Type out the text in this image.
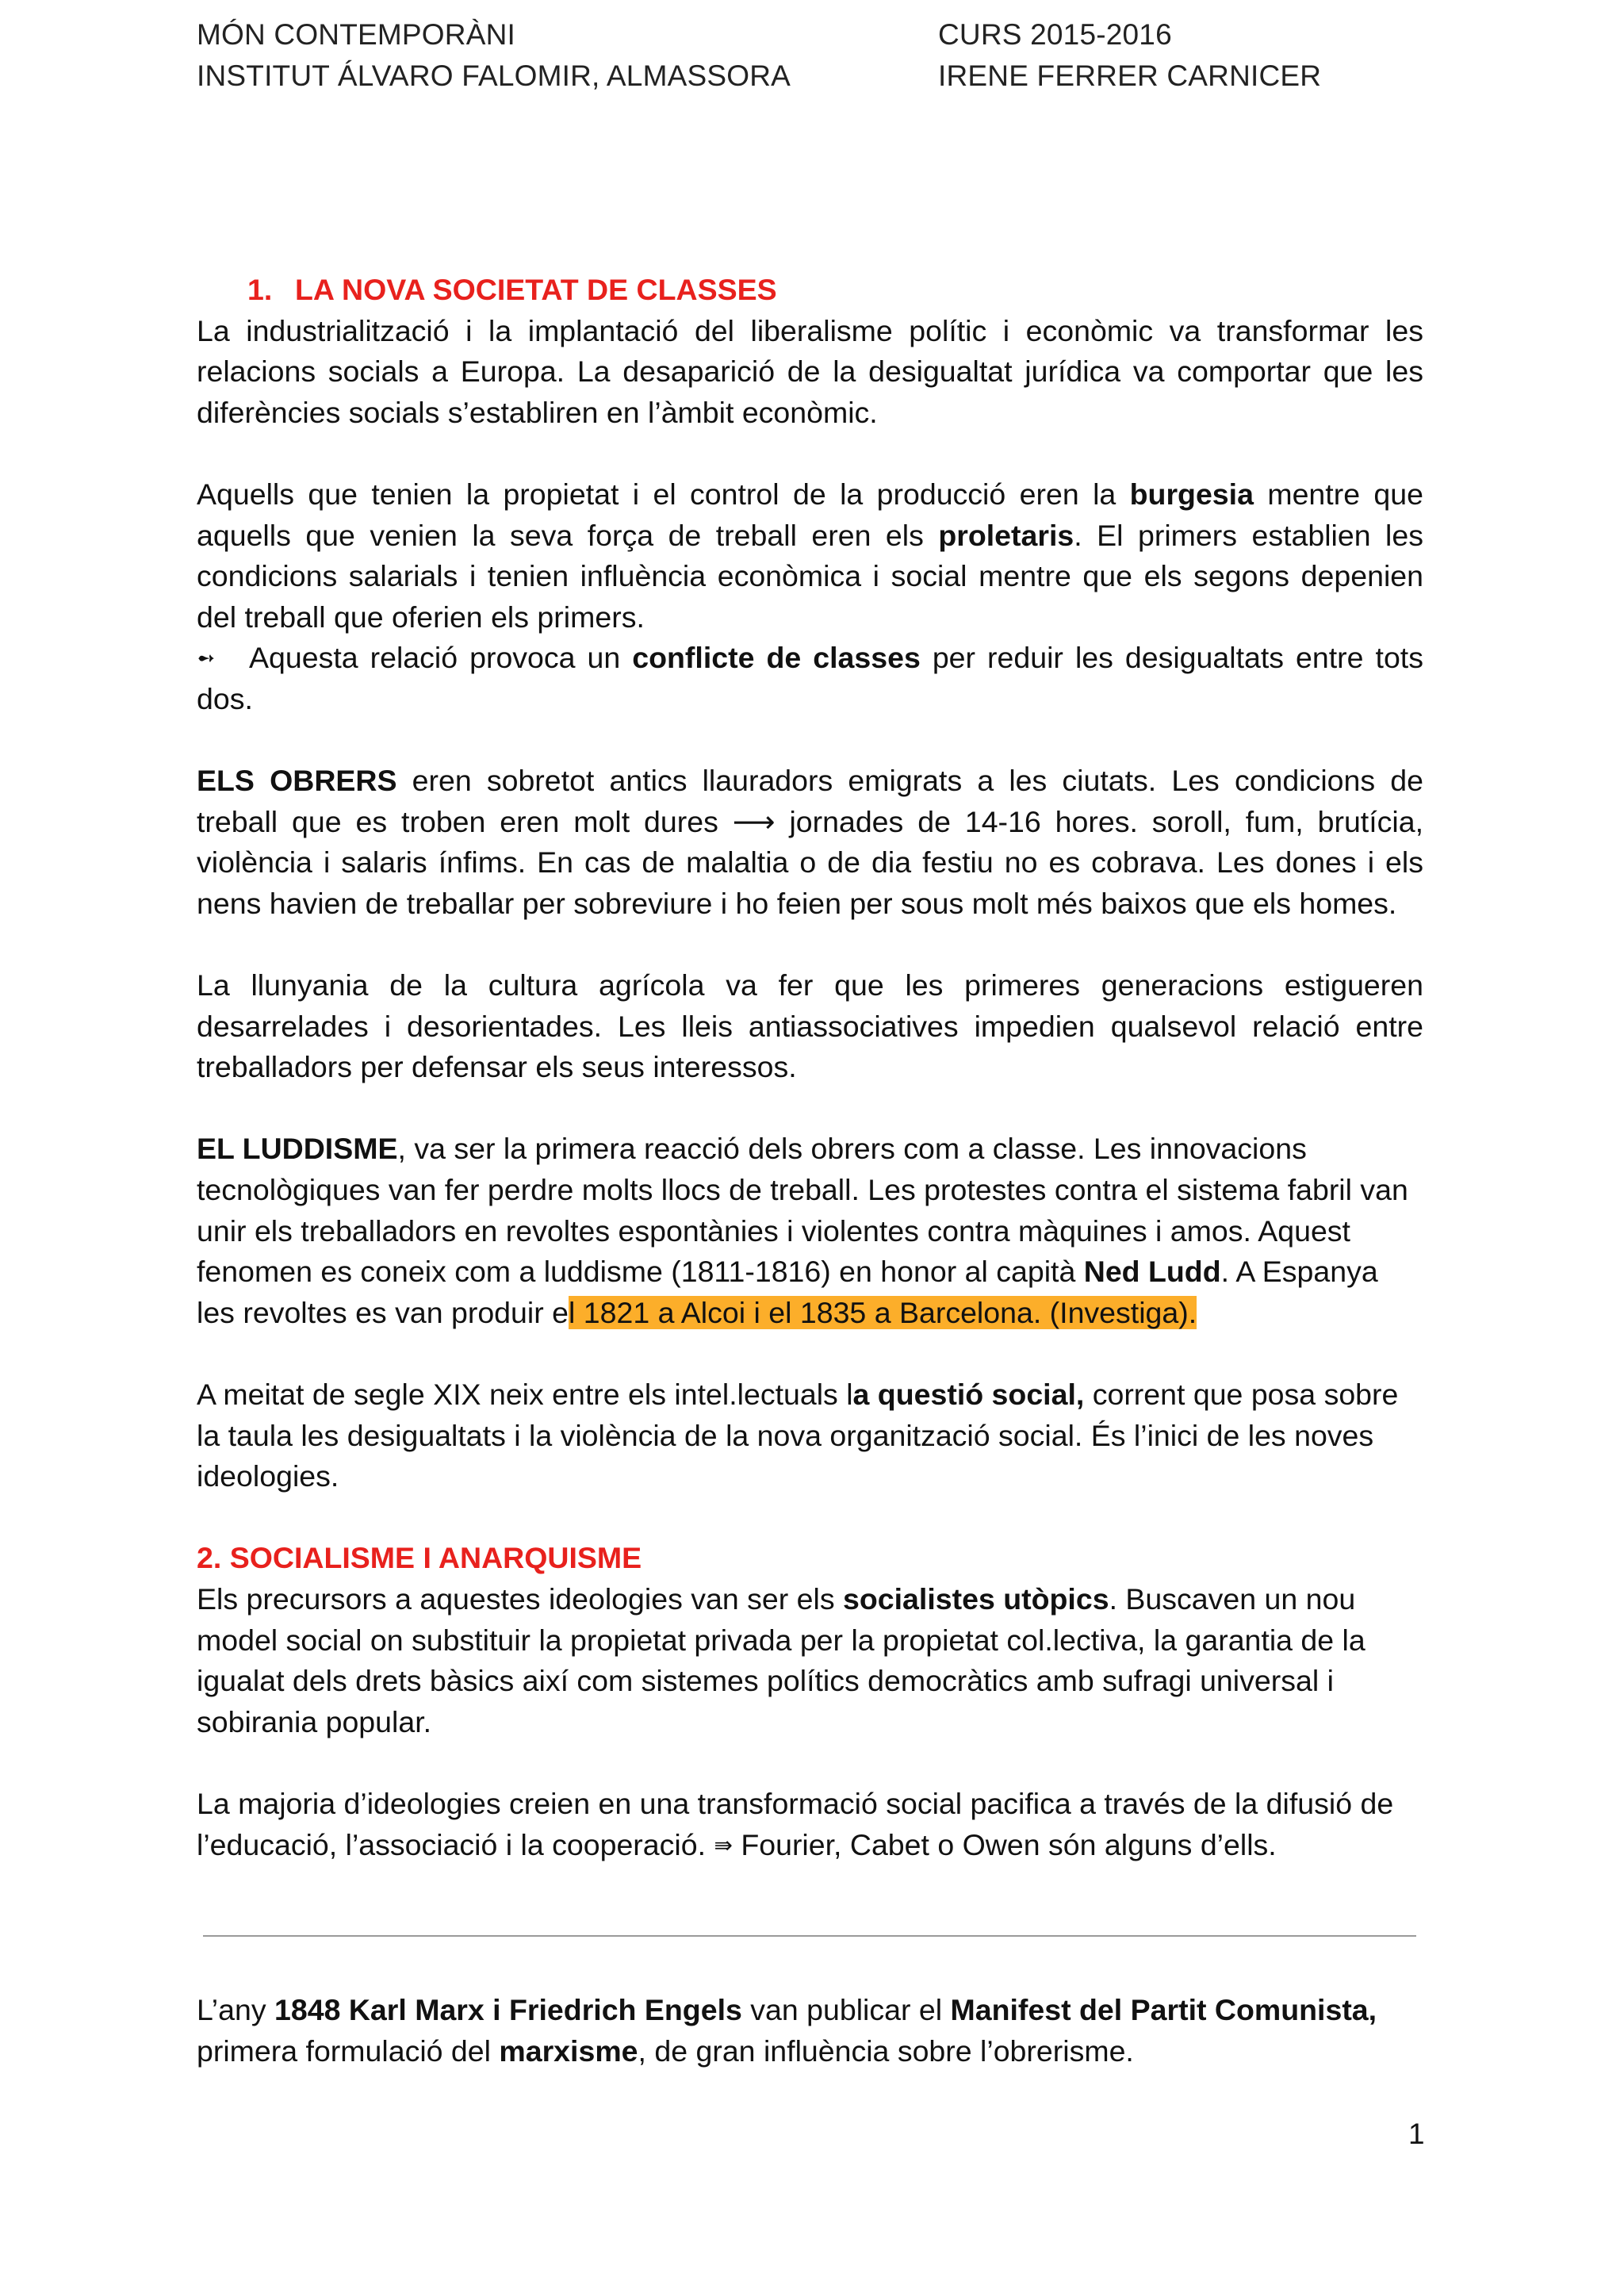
MÓN CONTEMPORÀNI
INSTITUT ÁLVARO FALOMIR, ALMASSORA
CURS 2015-2016
IRENE FERRER CARNICER
1. LA NOVA SOCIETAT DE CLASSES

La industrialització i la implantació del liberalisme polític i econòmic va transformar les relacions socials a Europa. La desaparició de la desigualtat jurídica va comportar que les diferències socials s’establiren en l’àmbit econòmic.

Aquells que tenien la propietat i el control de la producció eren la burgesia mentre que aquells que venien la seva força de treball eren els proletaris. El primers establien les condicions salarials i tenien influència econòmica i social mentre que els segons depenien del treball que oferien els primers.

➻ Aquesta relació provoca un conflicte de classes per reduir les desigualtats entre tots dos.

ELS OBRERS eren sobretot antics llauradors emigrats a les ciutats. Les condicions de treball que es troben eren molt dures ⟶ jornades de 14-16 hores. soroll, fum, brutícia, violència i salaris ínfims. En cas de malaltia o de dia festiu no es cobrava. Les dones i els nens havien de treballar per sobreviure i ho feien per sous molt més baixos que els homes.

La llunyania de la cultura agrícola va fer que les primeres generacions estigueren desarrelades i desorientades. Les lleis antiassociatives impedien qualsevol relació entre treballadors per defensar els seus interessos.

EL LUDDISME, va ser la primera reacció dels obrers com a classe. Les innovacions tecnològiques van fer perdre molts llocs de treball. Les protestes contra el sistema fabril van unir els treballadors en revoltes espontànies i violentes contra màquines i amos. Aquest fenomen es coneix com a luddisme (1811-1816) en honor al capità Ned Ludd. A Espanya les revoltes es van produir el 1821 a Alcoi i el 1835 a Barcelona. (Investiga).

A meitat de segle XIX neix entre els intel.lectuals la questió social, corrent que posa sobre la taula les desigualtats i la violència de la nova organització social. És l’inici de les noves ideologies.

2. SOCIALISME I ANARQUISME

Els precursors a aquestes ideologies van ser els socialistes utòpics. Buscaven un nou model social on substituir la propietat privada per la propietat col.lectiva, la garantia de la igualat dels drets bàsics així com sistemes polítics democràtics amb sufragi universal i sobirania popular.

La majoria d’ideologies creien en una transformació social pacifica a través de la difusió de l’educació, l’associació i la cooperació. ⇛ Fourier, Cabet o Owen són alguns d’ells.

L’any 1848 Karl Marx i Friedrich Engels van publicar el Manifest del Partit Comunista, primera formulació del marxisme, de gran influència sobre l’obrerisme.

1
